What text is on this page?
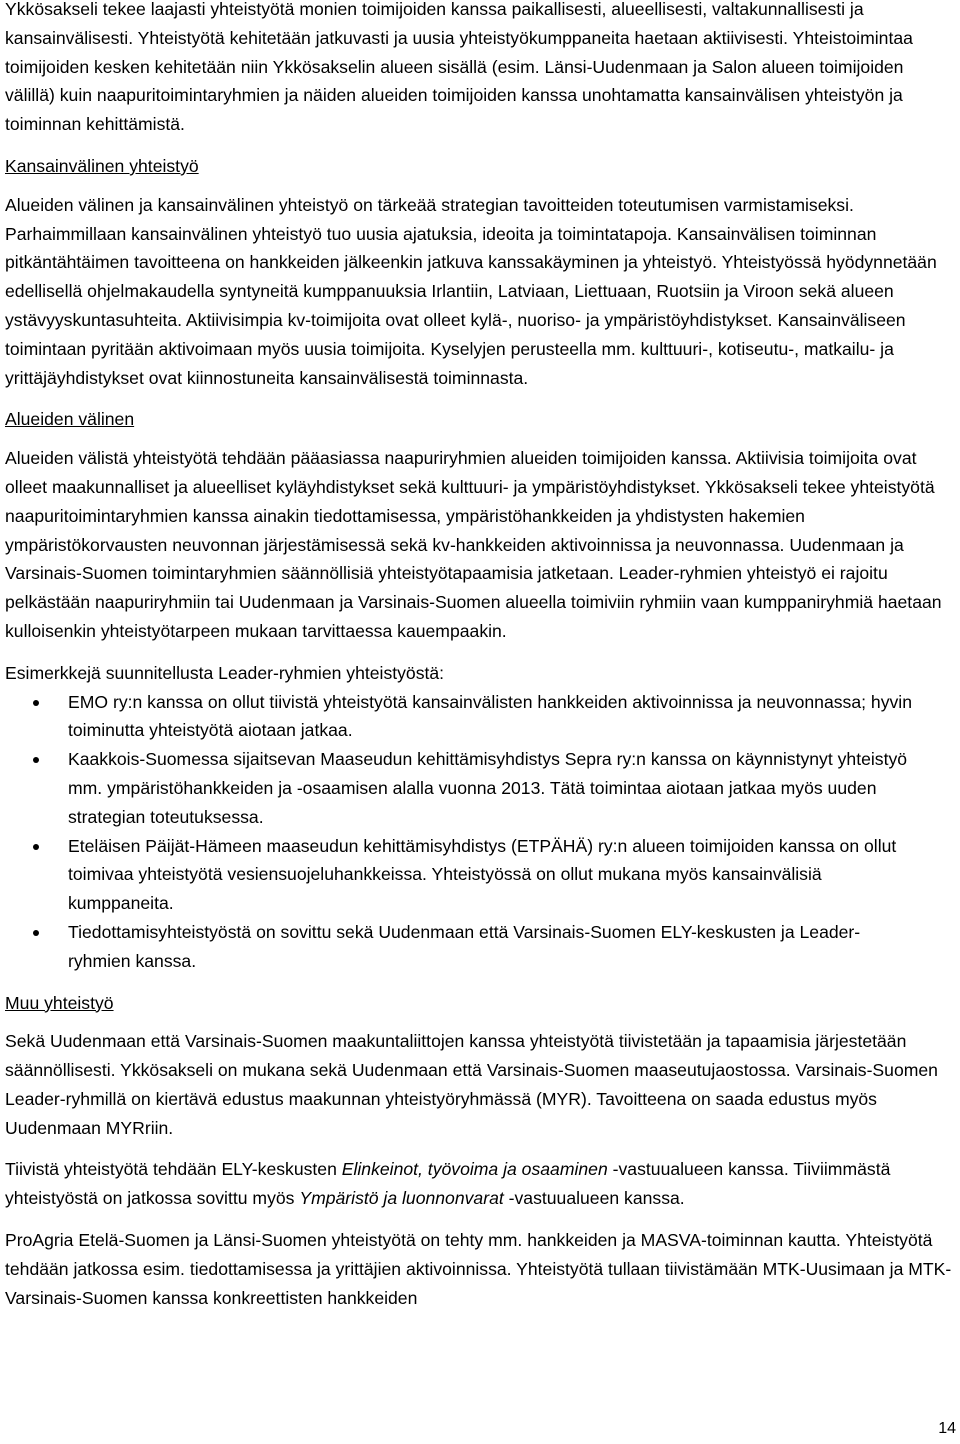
Ykkösakseli tekee laajasti yhteistyötä monien toimijoiden kanssa paikallisesti, alueellisesti, valtakunnallisesti ja kansainvälisesti. Yhteistyötä kehitetään jatkuvasti ja uusia yhteistyökumppaneita haetaan aktiivisesti. Yhteistoimintaa toimijoiden kesken kehitetään niin Ykkösakselin alueen sisällä (esim. Länsi-Uudenmaan ja Salon alueen toimijoiden välillä) kuin naapuritoimintaryhmien ja näiden alueiden toimijoiden kanssa unohtamatta kansainvälisen yhteistyön ja toiminnan kehittämistä.

Kansainvälinen yhteistyö

Alueiden välinen ja kansainvälinen yhteistyö on tärkeää strategian tavoitteiden toteutumisen varmistamiseksi. Parhaimmillaan kansainvälinen yhteistyö tuo uusia ajatuksia, ideoita ja toimintatapoja. Kansainvälisen toiminnan pitkäntähtäimen tavoitteena on hankkeiden jälkeenkin jatkuva kanssakäyminen ja yhteistyö. Yhteistyössä hyödynnetään edellisellä ohjelmakaudella syntyneitä kumppanuuksia Irlantiin, Latviaan, Liettuaan, Ruotsiin ja Viroon sekä alueen ystävyyskuntasuhteita. Aktiivisimpia kv-toimijoita ovat olleet kylä-, nuoriso- ja ympäristöyhdistykset. Kansainväliseen toimintaan pyritään aktivoimaan myös uusia toimijoita. Kyselyjen perusteella mm. kulttuuri-, kotiseutu-, matkailu- ja yrittäjäyhdistykset ovat kiinnostuneita kansainvälisestä toiminnasta.

Alueiden välinen

Alueiden välistä yhteistyötä tehdään pääasiassa naapuriryhmien alueiden toimijoiden kanssa. Aktiivisia toimijoita ovat olleet maakunnalliset ja alueelliset kyläyhdistykset sekä kulttuuri- ja ympäristöyhdistykset. Ykkösakseli tekee yhteistyötä naapuritoimintaryhmien kanssa ainakin tiedottamisessa, ympäristöhankkeiden ja yhdistysten hakemien ympäristökorvausten neuvonnan järjestämisessä sekä kv-hankkeiden aktivoinnissa ja neuvonnassa. Uudenmaan ja Varsinais-Suomen toimintaryhmien säännöllisiä yhteistyötapaamisia jatketaan. Leader-ryhmien yhteistyö ei rajoitu pelkästään naapuriryhmiin tai Uudenmaan ja Varsinais-Suomen alueella toimiviin ryhmiin vaan kumppaniryhmiä haetaan kulloisenkin yhteistyötarpeen mukaan tarvittaessa kauempaakin.

Esimerkkejä suunnitellusta Leader-ryhmien yhteistyöstä:

EMO ry:n kanssa on ollut tiivistä yhteistyötä kansainvälisten hankkeiden aktivoinnissa ja neuvonnassa; hyvin toiminutta yhteistyötä aiotaan jatkaa.
Kaakkois-Suomessa sijaitsevan Maaseudun kehittämisyhdistys Sepra ry:n kanssa on käynnistynyt yhteistyö mm. ympäristöhankkeiden ja -osaamisen alalla vuonna 2013. Tätä toimintaa aiotaan jatkaa myös uuden strategian toteutuksessa.
Eteläisen Päijät-Hämeen maaseudun kehittämisyhdistys (ETPÄHÄ) ry:n alueen toimijoiden kanssa on ollut toimivaa yhteistyötä vesiensuojeluhankkeissa. Yhteistyössä on ollut mukana myös kansainvälisiä kumppaneita.
Tiedottamisyhteistyöstä on sovittu sekä Uudenmaan että Varsinais-Suomen ELY-keskusten ja Leader-ryhmien kanssa.

Muu yhteistyö

Sekä Uudenmaan että Varsinais-Suomen maakuntaliittojen kanssa yhteistyötä tiivistetään ja tapaamisia järjestetään säännöllisesti. Ykkösakseli on mukana sekä Uudenmaan että Varsinais-Suomen maaseutujaostossa. Varsinais-Suomen Leader-ryhmillä on kiertävä edustus maakunnan yhteistyöryhmässä (MYR). Tavoitteena on saada edustus myös Uudenmaan MYRriin.

Tiivistä yhteistyötä tehdään ELY-keskusten Elinkeinot, työvoima ja osaaminen -vastuualueen kanssa. Tiiviimmästä yhteistyöstä on jatkossa sovittu myös Ympäristö ja luonnonvarat -vastuualueen kanssa.

ProAgria Etelä-Suomen ja Länsi-Suomen yhteistyötä on tehty mm. hankkeiden ja MASVA-toiminnan kautta. Yhteistyötä tehdään jatkossa esim. tiedottamisessa ja yrittäjien aktivoinnissa. Yhteistyötä tullaan tiivistämään MTK-Uusimaan ja MTK-Varsinais-Suomen kanssa konkreettisten hankkeiden

14
